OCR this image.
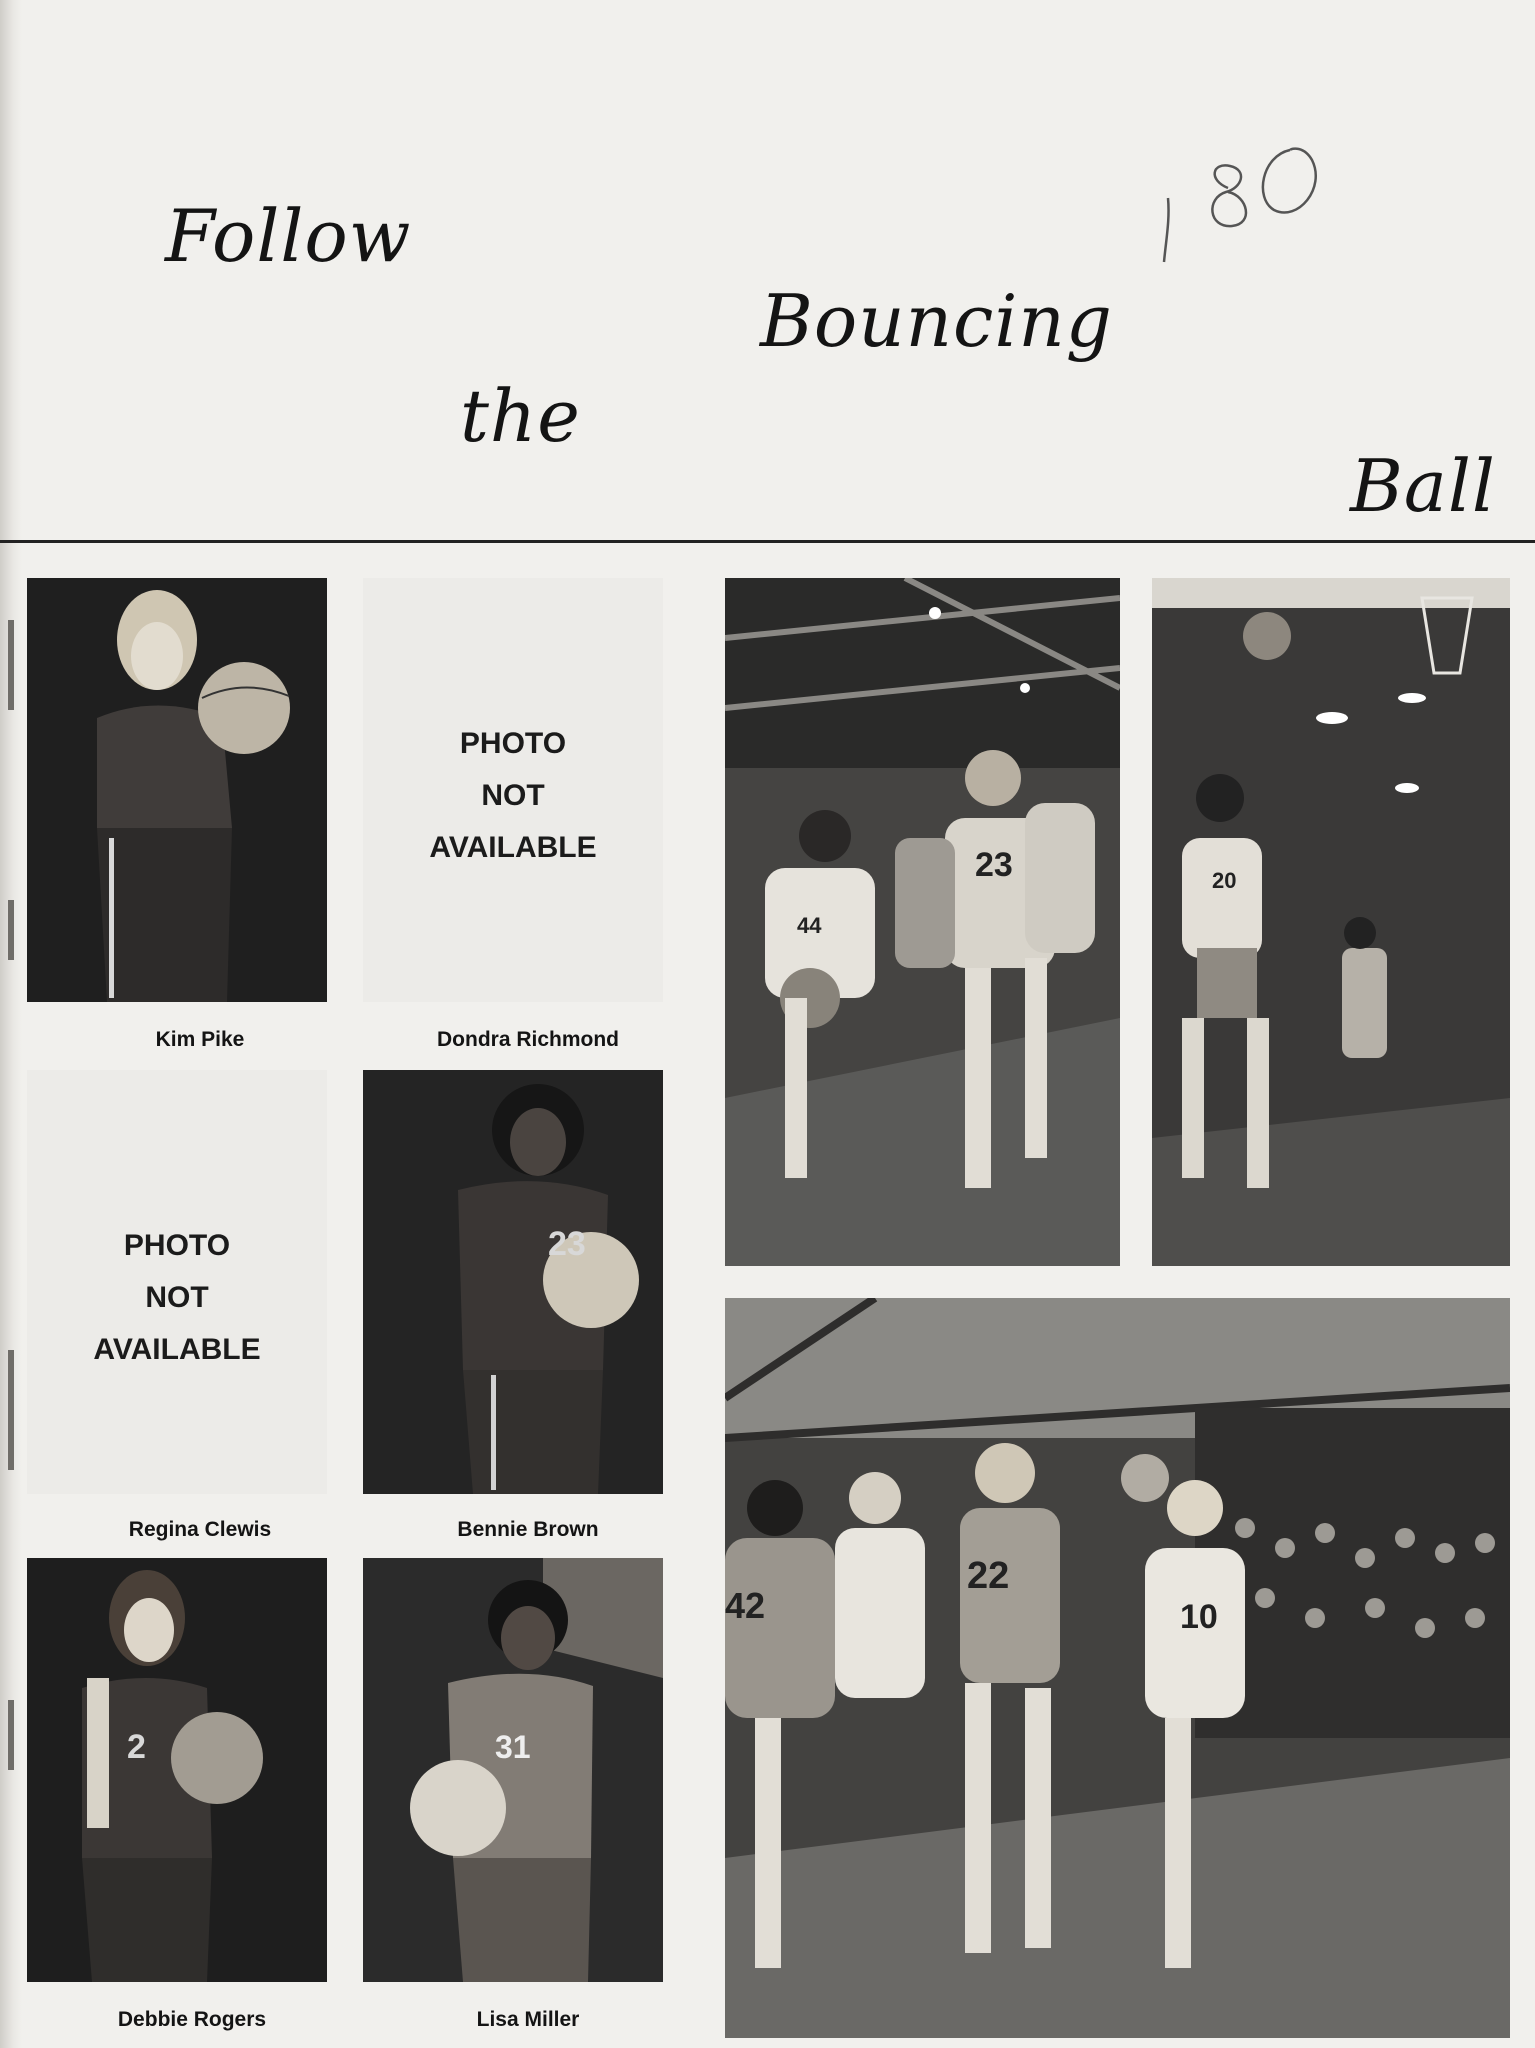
Follow
Bouncing
the
Ball
Kim Pike
PHOTO
NOT
AVAILABLE
Dondra Richmond
PHOTO
NOT
AVAILABLE
Regina Clewis
23
Bennie Brown
2
Debbie Rogers
31
Lisa Miller
44
23	20
42
22
10
